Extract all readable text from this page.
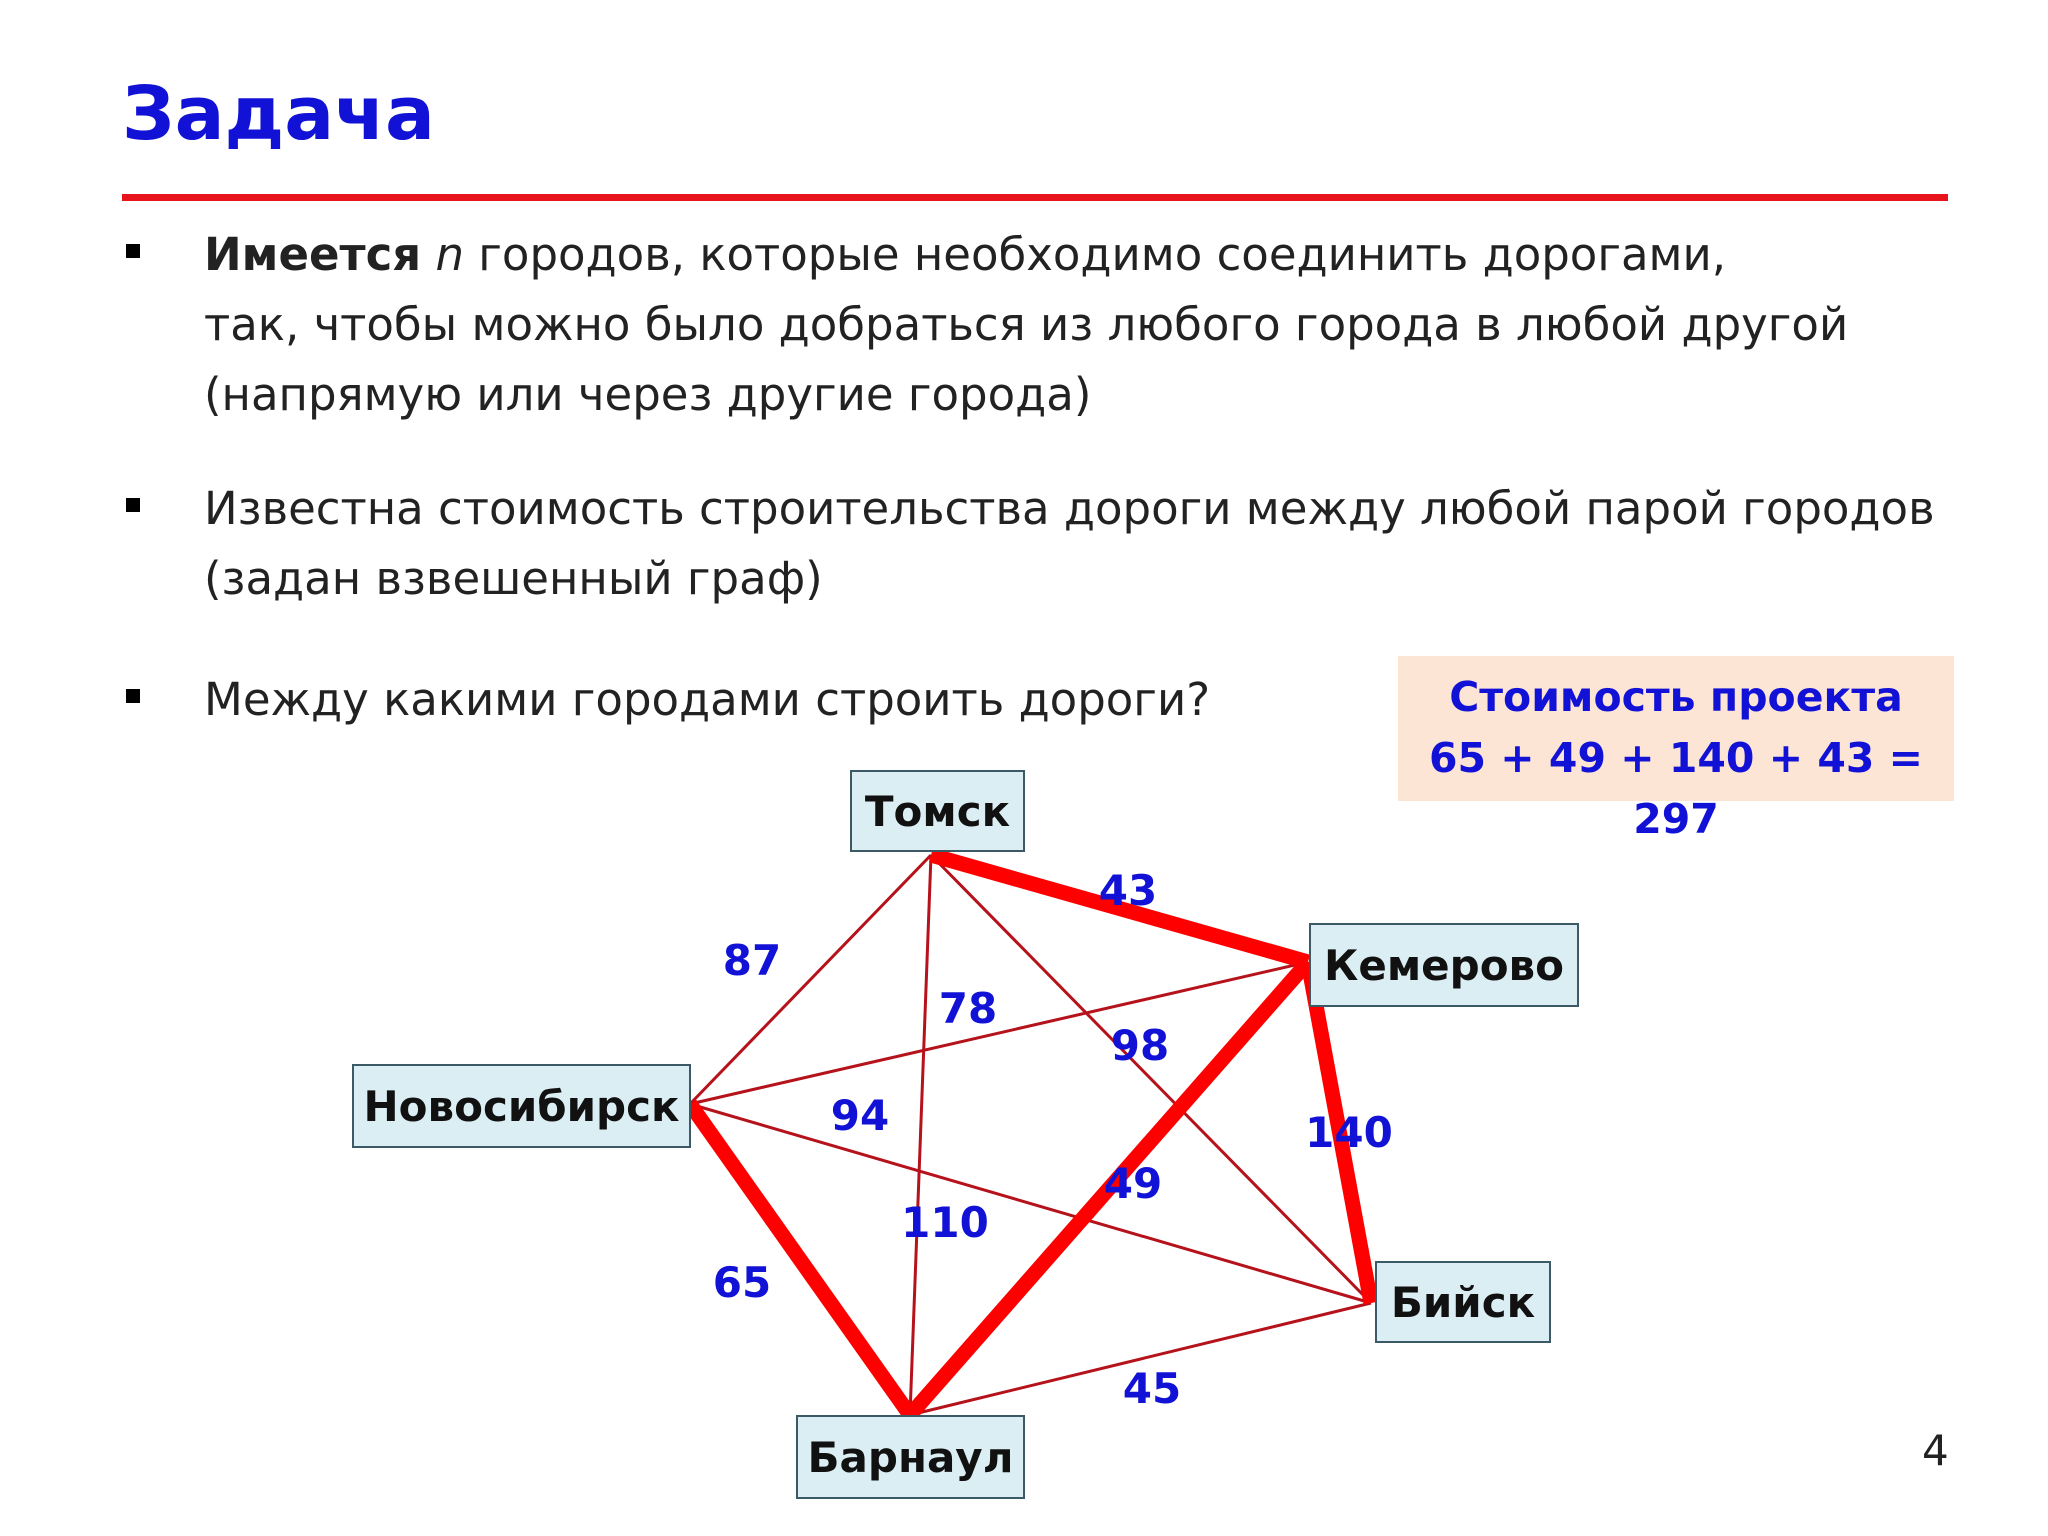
Задача
Имеется n городов, которые необходимо соединить дорогами,
так, чтобы можно было добраться из любого города в любой другой
(напрямую или через другие города)
Известна стоимость строительства дороги между любой парой городов
(задан взвешенный граф)
Между какими городами строить дороги?	Стоимость проекта
65 + 49 + 140 + 43 = 297
Томск
Кемерово
Новосибирск
Бийск
Барнаул
87
43
94
98
78
110
65
49
140
45
4
